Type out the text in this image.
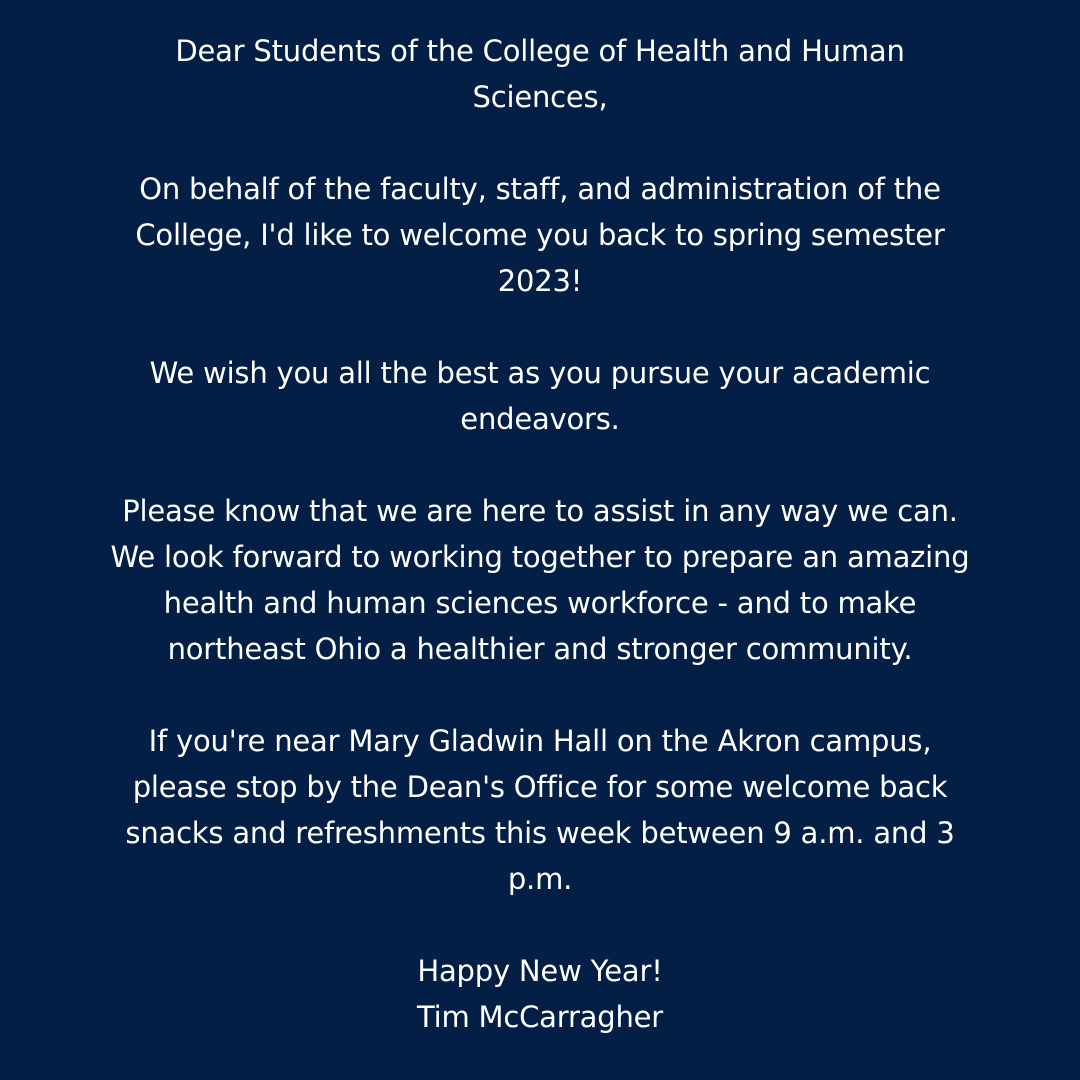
Dear Students of the College of Health and Human
Sciences,
On behalf of the faculty, staff, and administration of the
College, I'd like to welcome you back to spring semester
2023!
We wish you all the best as you pursue your academic
endeavors.
Please know that we are here to assist in any way we can.
We look forward to working together to prepare an amazing
health and human sciences workforce - and to make
northeast Ohio a healthier and stronger community.
If you're near Mary Gladwin Hall on the Akron campus,
please stop by the Dean's Office for some welcome back
snacks and refreshments this week between 9 a.m. and 3
p.m.
Happy New Year!
Tim McCarragher
